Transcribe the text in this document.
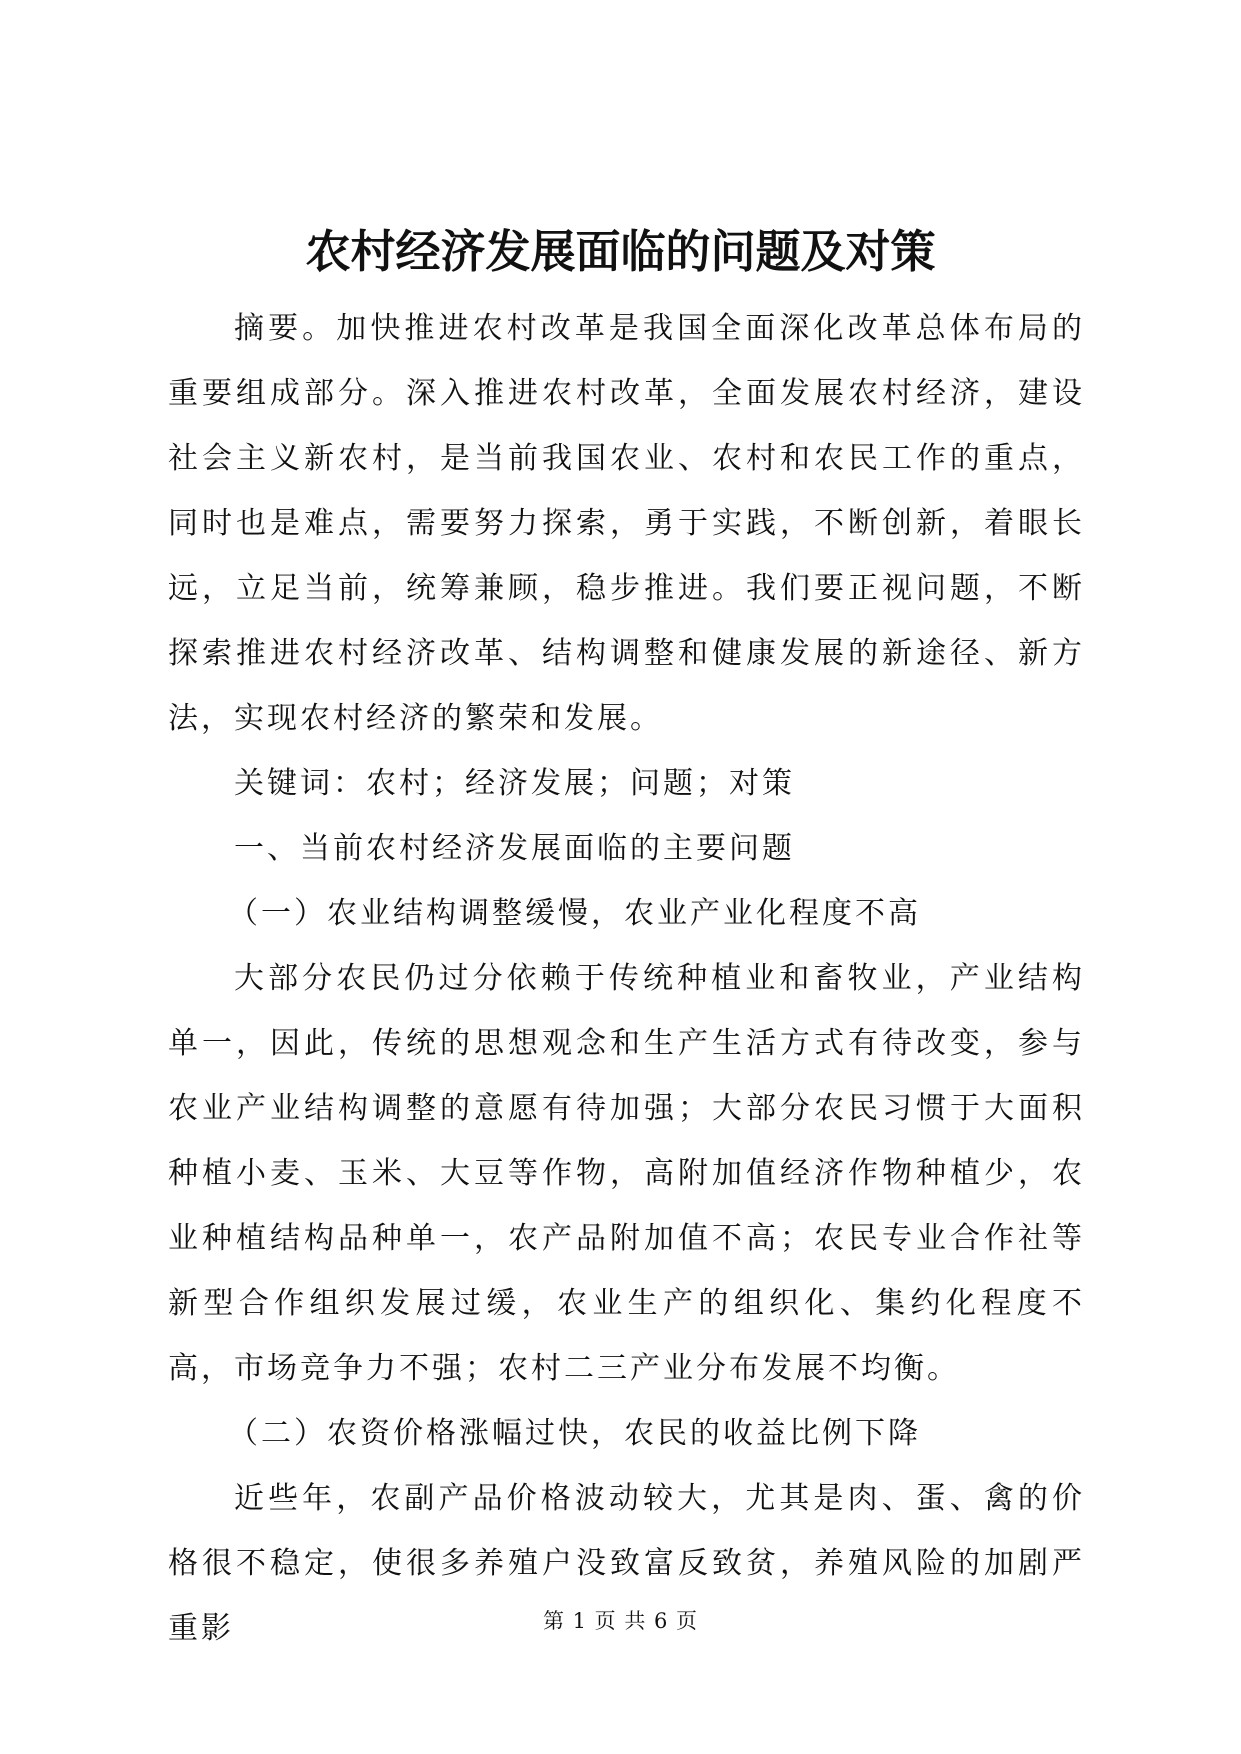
农村经济发展面临的问题及对策

摘要。加快推进农村改革是我国全面深化改革总体布局的重要组成部分。深入推进农村改革，全面发展农村经济，建设社会主义新农村，是当前我国农业、农村和农民工作的重点，同时也是难点，需要努力探索，勇于实践，不断创新，着眼长远，立足当前，统筹兼顾，稳步推进。我们要正视问题，不断探索推进农村经济改革、结构调整和健康发展的新途径、新方法，实现农村经济的繁荣和发展。

关键词：农村；经济发展；问题；对策

一、当前农村经济发展面临的主要问题

（一）农业结构调整缓慢，农业产业化程度不高

大部分农民仍过分依赖于传统种植业和畜牧业，产业结构单一，因此，传统的思想观念和生产生活方式有待改变，参与农业产业结构调整的意愿有待加强；大部分农民习惯于大面积种植小麦、玉米、大豆等作物，高附加值经济作物种植少，农业种植结构品种单一，农产品附加值不高；农民专业合作社等新型合作组织发展过缓，农业生产的组织化、集约化程度不高，市场竞争力不强；农村二三产业分布发展不均衡。

（二）农资价格涨幅过快，农民的收益比例下降

近些年，农副产品价格波动较大，尤其是肉、蛋、禽的价格很不稳定，使很多养殖户没致富反致贫，养殖风险的加剧严重影	第 1 页 共 6 页
